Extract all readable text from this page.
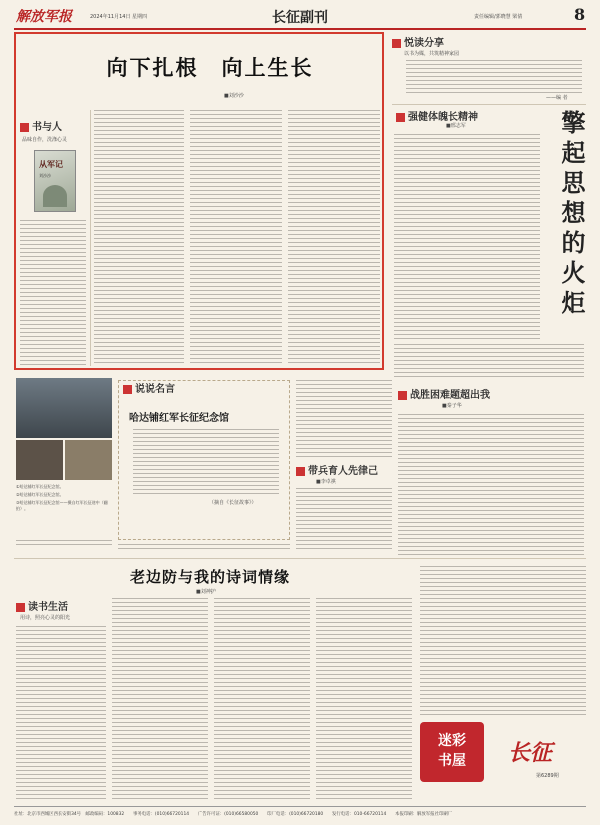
解放军报	2024年11月14日 星期四	长征副刊	责任编辑/郭晓慧 梁倩	8
向下扎根　向上生长
■刘沙沙
书与人
品味自作，洗涤心灵
从军记
刘沙沙
悦读分享
以书为媒，共筑精神家园
——编 者
强健体魄长精神
■邢志军	擎起思想的火炬
说说名言
哈达铺红军长征纪念馆
（摘自《长征故事》）
①哈达铺红军长征纪念馆。
②哈达铺红军长征纪念馆。
③哈达铺红军长征纪念馆——摄自红军长征途中（翻拍）。
带兵育人先律己
■李卓祺
战胜困难题超出我
■秦子华
老边防与我的诗词情缘
■刘神护
读书生活
用诗，照亮心灵的阳光
迷彩
书屋	长征
第6289期
社址：北京市西城区西长安街34号　邮政编码：100832　　事务电话：(010)66720114　　广告许可证：(010)66580050　　印厂电话：(010)66720180　　发行电话：010-66720114　　本报印刷：解放军报社印刷厂
